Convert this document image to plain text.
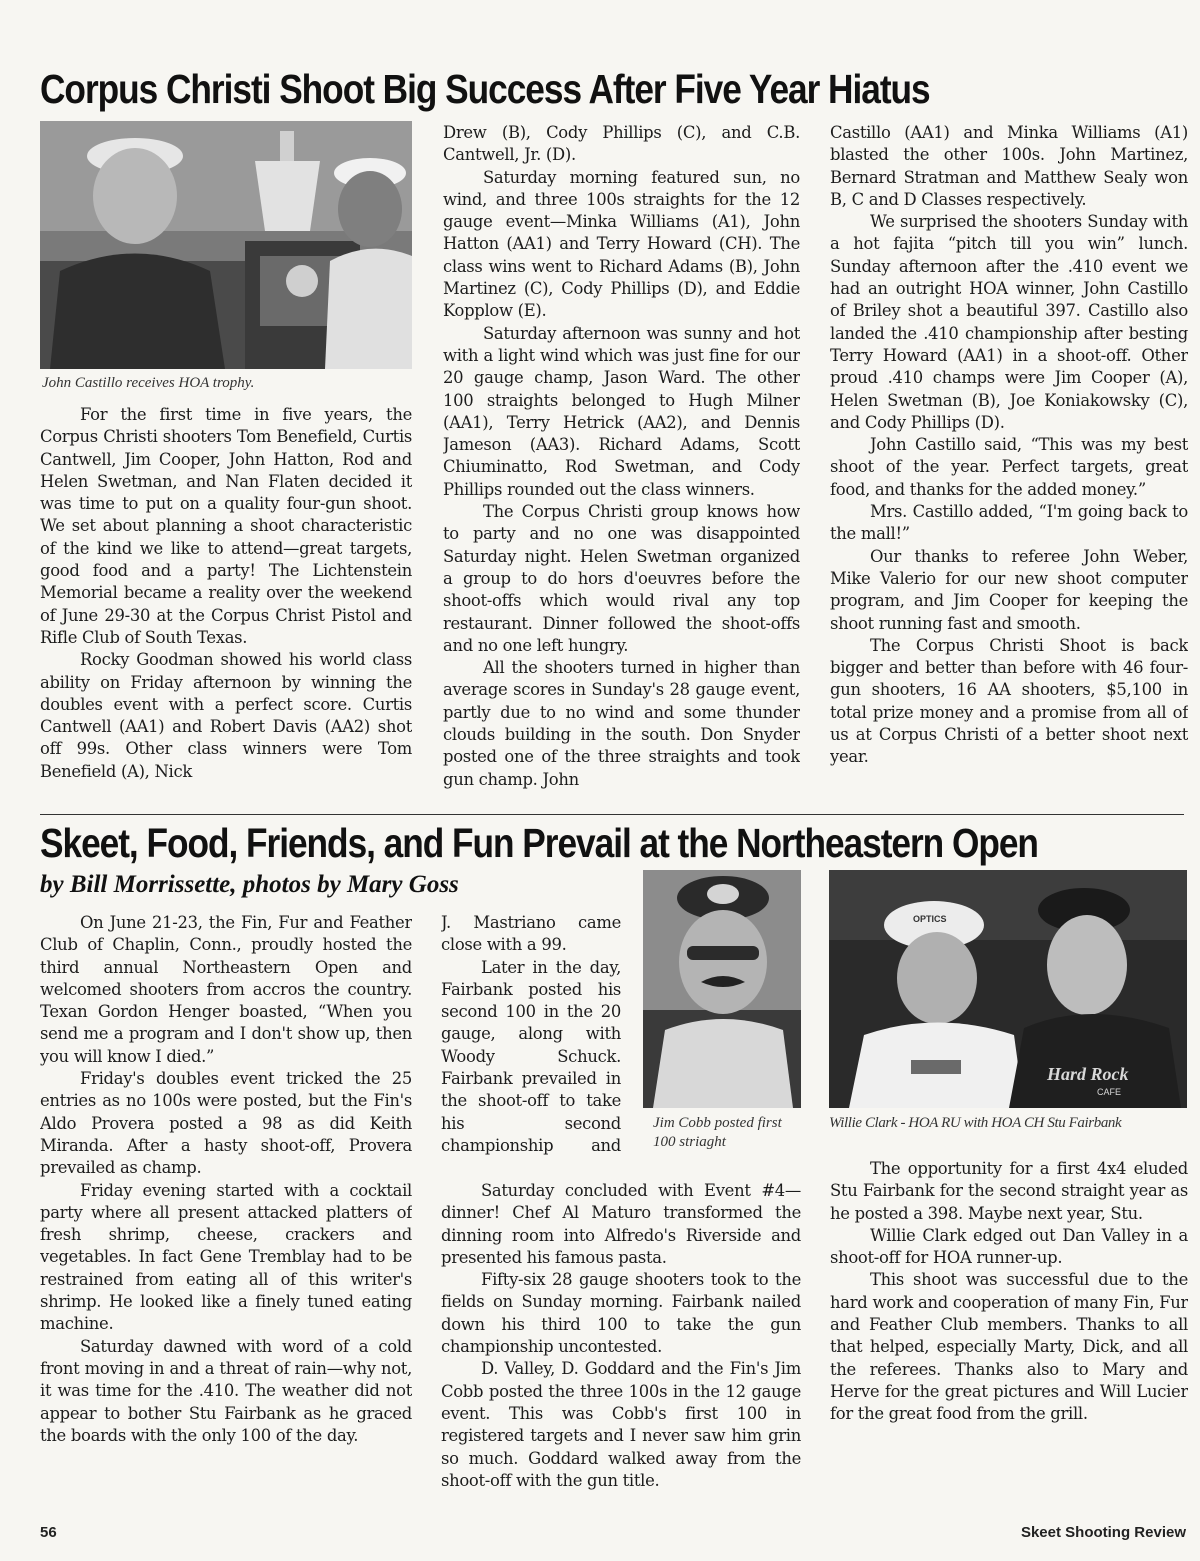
Corpus Christi Shoot Big Success After Five Year Hiatus

John Castillo receives HOA trophy.

For the first time in five years, the Corpus Christi shooters Tom Benefield, Curtis Cantwell, Jim Cooper, John Hatton, Rod and Helen Swetman, and Nan Flaten decided it was time to put on a quality four-gun shoot. We set about planning a shoot characteristic of the kind we like to attend—great targets, good food and a party! The Lichtenstein Memorial became a reality over the weekend of June 29-30 at the Corpus Christ Pistol and Rifle Club of South Texas.

Rocky Goodman showed his world class ability on Friday afternoon by winning the doubles event with a perfect score. Curtis Cantwell (AA1) and Robert Davis (AA2) shot off 99s. Other class winners were Tom Benefield (A), Nick

Drew (B), Cody Phillips (C), and C.B. Cantwell, Jr. (D).

Saturday morning featured sun, no wind, and three 100s straights for the 12 gauge event—Minka Williams (A1), John Hatton (AA1) and Terry Howard (CH). The class wins went to Richard Adams (B), John Martinez (C), Cody Phillips (D), and Eddie Kopplow (E).

Saturday afternoon was sunny and hot with a light wind which was just fine for our 20 gauge champ, Jason Ward. The other 100 straights belonged to Hugh Milner (AA1), Terry Hetrick (AA2), and Dennis Jameson (AA3). Richard Adams, Scott Chiuminatto, Rod Swetman, and Cody Phillips rounded out the class winners.

The Corpus Christi group knows how to party and no one was disappointed Saturday night. Helen Swetman organized a group to do hors d'oeuvres before the shoot-offs which would rival any top restaurant. Dinner followed the shoot-offs and no one left hungry.

All the shooters turned in higher than average scores in Sunday's 28 gauge event, partly due to no wind and some thunder clouds building in the south. Don Snyder posted one of the three straights and took gun champ. John

Castillo (AA1) and Minka Williams (A1) blasted the other 100s. John Martinez, Bernard Stratman and Matthew Sealy won B, C and D Classes respectively.

We surprised the shooters Sunday with a hot fajita “pitch till you win” lunch. Sunday afternoon after the .410 event we had an outright HOA winner, John Castillo of Briley shot a beautiful 397. Castillo also landed the .410 championship after besting Terry Howard (AA1) in a shoot-off. Other proud .410 champs were Jim Cooper (A), Helen Swetman (B), Joe Koniakowsky (C), and Cody Phillips (D).

John Castillo said, “This was my best shoot of the year. Perfect targets, great food, and thanks for the added money.”

Mrs. Castillo added, “I'm going back to the mall!”

Our thanks to referee John Weber, Mike Valerio for our new shoot computer program, and Jim Cooper for keeping the shoot running fast and smooth.

The Corpus Christi Shoot is back bigger and better than before with 46 four-gun shooters, 16 AA shooters, $5,100 in total prize money and a promise from all of us at Corpus Christi of a better shoot next year.

Skeet, Food, Friends, and Fun Prevail at the Northeastern Open

by Bill Morrissette, photos by Mary Goss

On June 21-23, the Fin, Fur and Feather Club of Chaplin, Conn., proudly hosted the third annual Northeastern Open and welcomed shooters from accros the country. Texan Gordon Henger boasted, “When you send me a program and I don't show up, then you will know I died.”

Friday's doubles event tricked the 25 entries as no 100s were posted, but the Fin's Aldo Provera posted a 98 as did Keith Miranda. After a hasty shoot-off, Provera prevailed as champ.

Friday evening started with a cocktail party where all present attacked platters of fresh shrimp, cheese, crackers and vegetables. In fact Gene Tremblay had to be restrained from eating all of this writer's shrimp. He looked like a finely tuned eating machine.

Saturday dawned with word of a cold front moving in and a threat of rain—why not, it was time for the .410. The weather did not appear to bother Stu Fairbank as he graced the boards with the only 100 of the day.

Jim Cobb posted first 100 striaght

J. Mastriano came close with a 99.

Later in the day, Fairbank posted his second 100 in the 20 gauge, along with Woody Schuck. Fairbank prevailed in the shoot-off to take his second championship and

Saturday concluded with Event #4—dinner! Chef Al Maturo transformed the dinning room into Alfredo's Riverside and presented his famous pasta.

Fifty-six 28 gauge shooters took to the fields on Sunday morning. Fairbank nailed down his third 100 to take the gun championship uncontested.

D. Valley, D. Goddard and the Fin's Jim Cobb posted the three 100s in the 12 gauge event. This was Cobb's first 100 in registered targets and I never saw him grin so much. Goddard walked away from the shoot-off with the gun title.

OPTICS
Hard Rock
CAFE

Willie Clark - HOA RU with HOA CH Stu Fairbank

The opportunity for a first 4x4 eluded Stu Fairbank for the second straight year as he posted a 398. Maybe next year, Stu.

Willie Clark edged out Dan Valley in a shoot-off for HOA runner-up.

This shoot was successful due to the hard work and cooperation of many Fin, Fur and Feather Club members. Thanks to all that helped, especially Marty, Dick, and all the referees. Thanks also to Mary and Herve for the great pictures and Will Lucier for the great food from the grill.

56	Skeet Shooting Review
